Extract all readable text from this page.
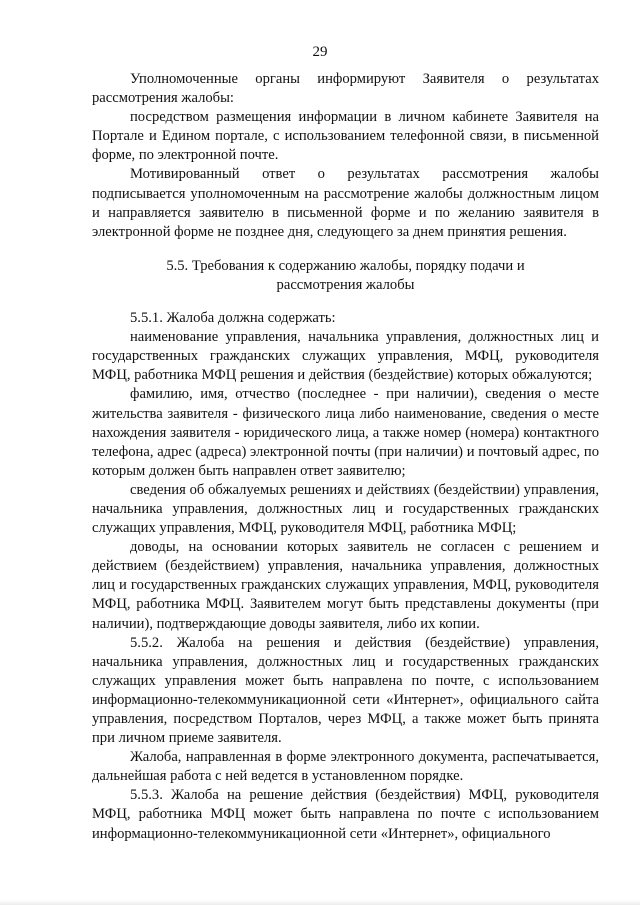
29

Уполномоченные органы информируют Заявителя о результатах рассмотрения жалобы:

посредством размещения информации в личном кабинете Заявителя на Портале и Едином портале, с использованием телефонной связи, в письменной форме, по электронной почте.

Мотивированный ответ о результатах рассмотрения жалобы подписывается уполномоченным на рассмотрение жалобы должностным лицом и направляется заявителю в письменной форме и по желанию заявителя в электронной форме не позднее дня, следующего за днем принятия решения.

5.5. Требования к содержанию жалобы, порядку подачи и
рассмотрения жалобы

5.5.1. Жалоба должна содержать:

наименование управления, начальника управления, должностных лиц и государственных гражданских служащих управления, МФЦ, руководителя МФЦ, работника МФЦ решения и действия (бездействие) которых обжалуются;

фамилию, имя, отчество (последнее - при наличии), сведения о месте жительства заявителя - физического лица либо наименование, сведения о месте нахождения заявителя - юридического лица, а также номер (номера) контактного телефона, адрес (адреса) электронной почты (при наличии) и почтовый адрес, по которым должен быть направлен ответ заявителю;

сведения об обжалуемых решениях и действиях (бездействии) управления, начальника управления, должностных лиц и государственных гражданских служащих управления, МФЦ, руководителя МФЦ, работника МФЦ;

доводы, на основании которых заявитель не согласен с решением и действием (бездействием) управления, начальника управления, должностных лиц и государственных гражданских служащих управления, МФЦ, руководителя МФЦ, работника МФЦ. Заявителем могут быть представлены документы (при наличии), подтверждающие доводы заявителя, либо их копии.

5.5.2. Жалоба на решения и действия (бездействие) управления, начальника управления, должностных лиц и государственных гражданских служащих управления может быть направлена по почте, с использованием информационно-телекоммуникационной сети «Интернет», официального сайта управления, посредством Порталов, через МФЦ, а также может быть принята при личном приеме заявителя.

Жалоба, направленная в форме электронного документа, распечатывается, дальнейшая работа с ней ведется в установленном порядке.

5.5.3. Жалоба на решение действия (бездействия) МФЦ, руководителя МФЦ, работника МФЦ может быть направлена по почте с использованием информационно-телекоммуникационной сети «Интернет», официального
